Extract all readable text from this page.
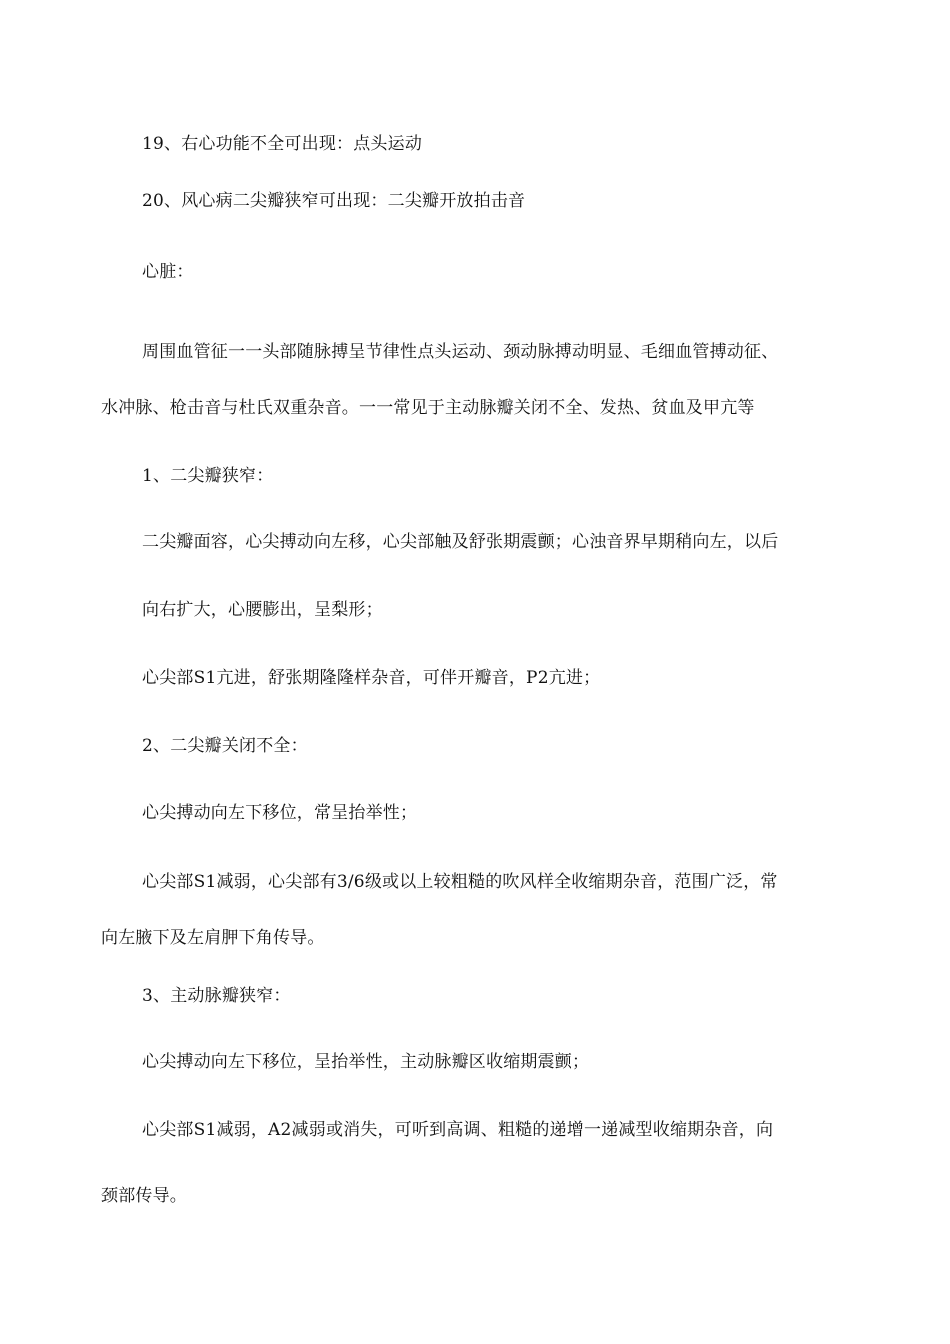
19、右心功能不全可出现：点头运动
20、风心病二尖瓣狭窄可出现：二尖瓣开放拍击音
心脏：
周围血管征一一头部随脉搏呈节律性点头运动、颈动脉搏动明显、毛细血管搏动征、
水冲脉、枪击音与杜氏双重杂音。一一常见于主动脉瓣关闭不全、发热、贫血及甲亢等
1、二尖瓣狭窄：
二尖瓣面容，心尖搏动向左移，心尖部触及舒张期震颤；心浊音界早期稍向左，以后
向右扩大，心腰膨出，呈梨形；
心尖部S1亢进，舒张期隆隆样杂音，可伴开瓣音，P2亢进；
2、二尖瓣关闭不全：
心尖搏动向左下移位，常呈抬举性；
心尖部S1减弱，心尖部有3/6级或以上较粗糙的吹风样全收缩期杂音，范围广泛，常
向左腋下及左肩胛下角传导。
3、主动脉瓣狭窄：
心尖搏动向左下移位，呈抬举性，主动脉瓣区收缩期震颤；
心尖部S1减弱，A2减弱或消失，可听到高调、粗糙的递增一递减型收缩期杂音，向
颈部传导。
